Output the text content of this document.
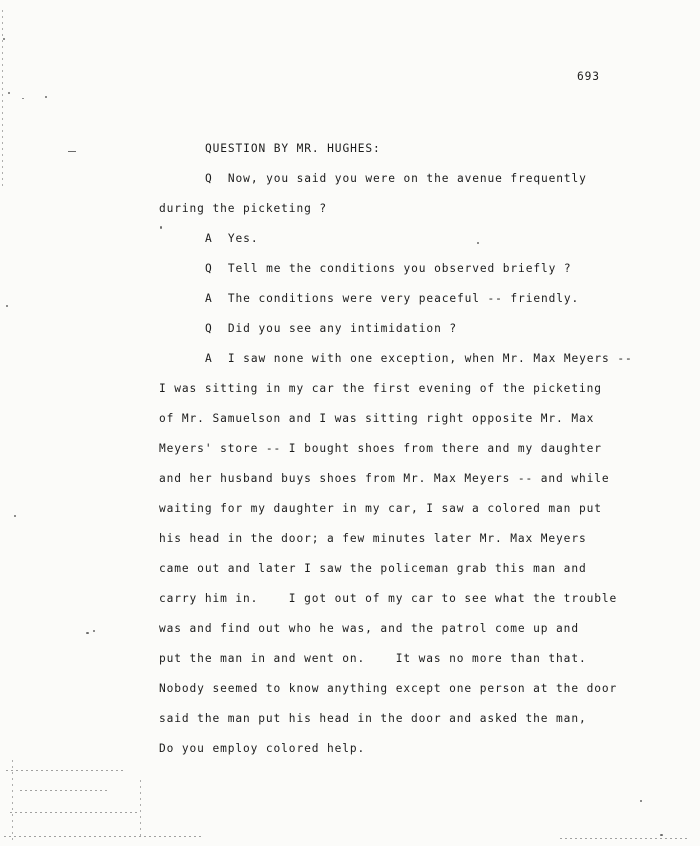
693
QUESTION BY MR. HUGHES:
Q  Now, you said you were on the avenue frequently
during the picketing ?
A  Yes.
Q  Tell me the conditions you observed briefly ?
A  The conditions were very peaceful -- friendly.
Q  Did you see any intimidation ?
A  I saw none with one exception, when Mr. Max Meyers --
I was sitting in my car the first evening of the picketing
of Mr. Samuelson and I was sitting right opposite Mr. Max
Meyers' store -- I bought shoes from there and my daughter
and her husband buys shoes from Mr. Max Meyers -- and while
waiting for my daughter in my car, I saw a colored man put
his head in the door; a few minutes later Mr. Max Meyers
came out and later I saw the policeman grab this man and
carry him in.    I got out of my car to see what the trouble
was and find out who he was, and the patrol come up and
put the man in and went on.    It was no more than that.
Nobody seemed to know anything except one person at the door
said the man put his head in the door and asked the man,
Do you employ colored help.
